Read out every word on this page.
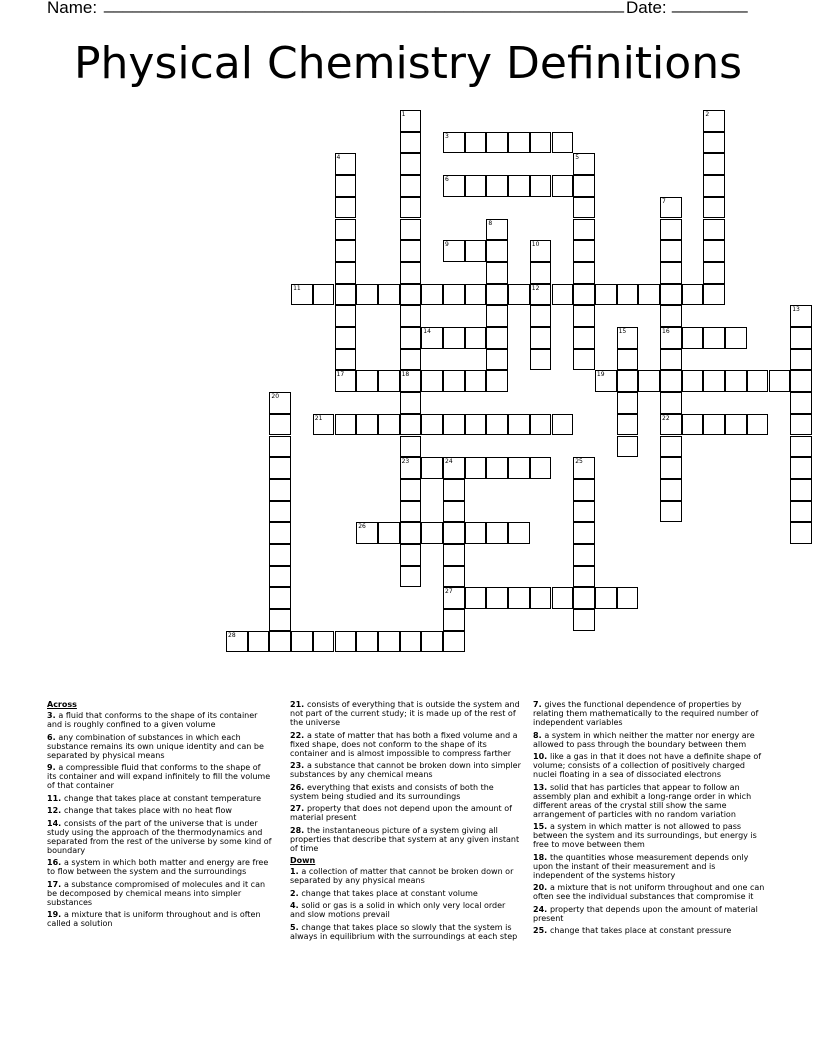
Name: _______________________________________________________ Date: ________
Physical Chemistry Definitions
1
18
23
2
3
4	5
6
7
16
22
8
9	10
12
11
13
14	15
17	19
20
21
24
27
25
26
28
Across
3. a fluid that conforms to the shape of its container and is roughly confined to a given volume
6. any combination of substances in which each substance remains its own unique identity and can be separated by physical means
9. a compressible fluid that conforms to the shape of its container and will expand infinitely to fill the volume of that container
11. change that takes place at constant temperature
12. change that takes place with no heat flow
14. consists of the part of the universe that is under study using the approach of the thermodynamics and separated from the rest of the universe by some kind of boundary
16. a system in which both matter and energy are free to flow between the system and the surroundings
17. a substance compromised of molecules and it can be decomposed by chemical means into simpler substances
19. a mixture that is uniform throughout and is often called a solution
21. consists of everything that is outside the system and not part of the current study; it is made up of the rest of the universe
22. a state of matter that has both a fixed volume and a fixed shape, does not conform to the shape of its container and is almost impossible to compress farther
23. a substance that cannot be broken down into simpler substances by any chemical means
26. everything that exists and consists of both the system being studied and its surroundings
27. property that does not depend upon the amount of material present
28. the instantaneous picture of a system giving all properties that describe that system at any given instant of time
Down
1. a collection of matter that cannot be broken down or separated by any physical means
2. change that takes place at constant volume
4. solid or gas is a solid in which only very local order and slow motions prevail
5. change that takes place so slowly that the system is always in equilibrium with the surroundings at each step
7. gives the functional dependence of properties by relating them mathematically to the required number of independent variables
8. a system in which neither the matter nor energy are allowed to pass through the boundary between them
10. like a gas in that it does not have a definite shape of volume; consists of a collection of positively charged nuclei floating in a sea of dissociated electrons
13. solid that has particles that appear to follow an assembly plan and exhibit a long-range order in which different areas of the crystal still show the same arrangement of particles with no random variation
15. a system in which matter is not allowed to pass between the system and its surroundings, but energy is free to move between them
18. the quantities whose measurement depends only upon the instant of their measurement and is independent of the systems history
20. a mixture that is not uniform throughout and one can often see the individual substances that compromise it
24. property that depends upon the amount of material present
25. change that takes place at constant pressure
